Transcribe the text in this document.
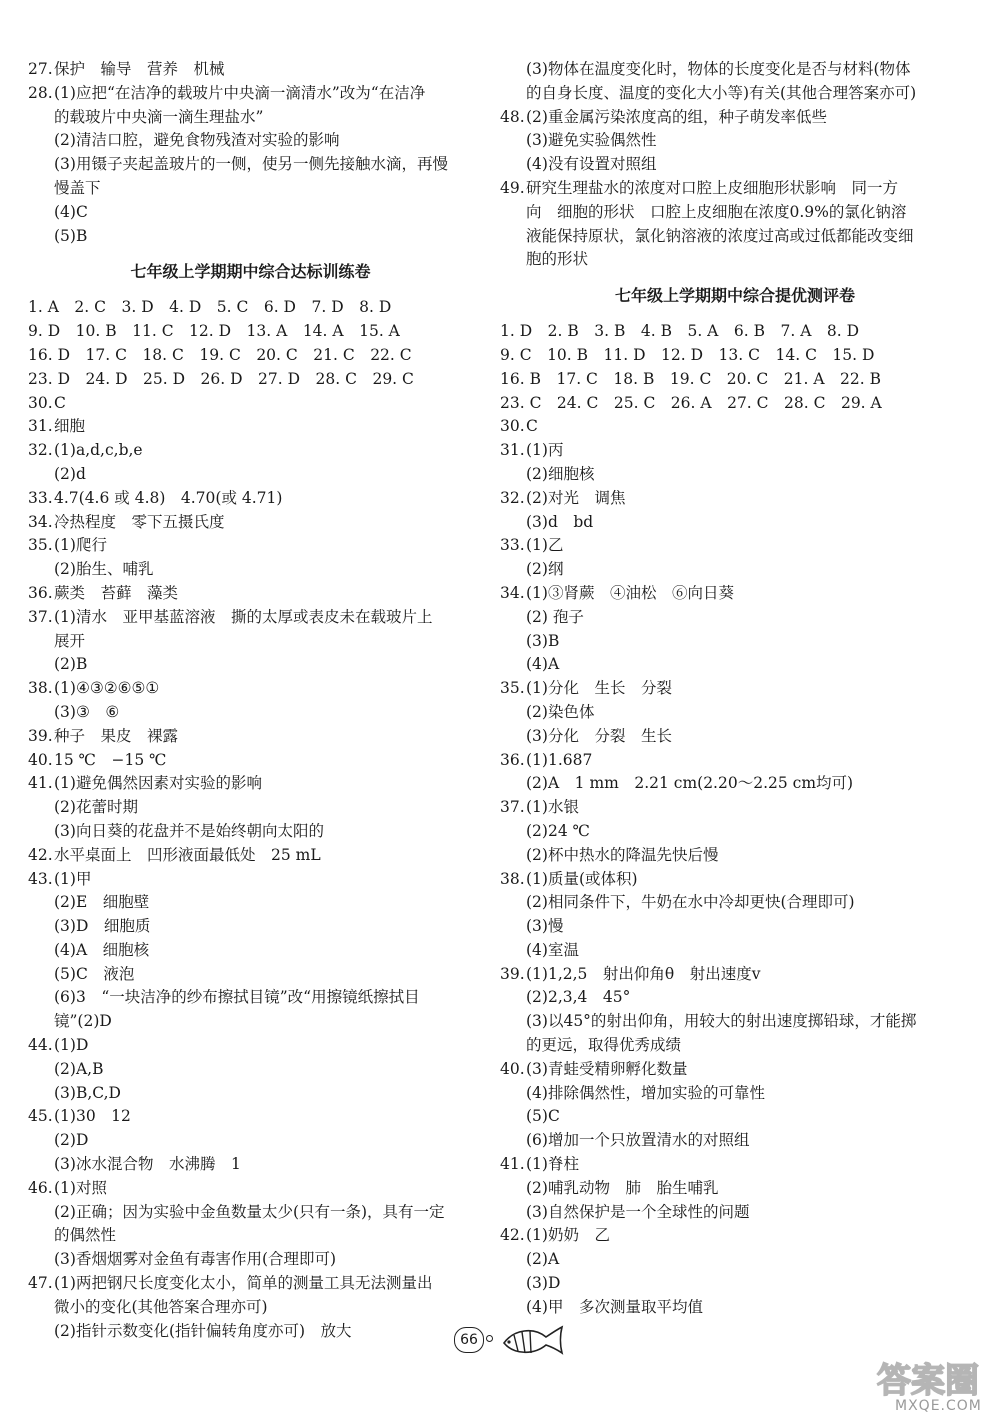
27.保护　输导　营养　机械
28.(1)应把“在洁净的载玻片中央滴一滴清水”改为“在洁净
的载玻片中央滴一滴生理盐水”
(2)清洁口腔，避免食物残渣对实验的影响
(3)用镊子夹起盖玻片的一侧，使另一侧先接触水滴，再慢
慢盖下
(4)C
(5)B
七年级上学期期中综合达标训练卷
1. A　2. C　3. D　4. D　5. C　6. D　7. D　8. D
9. D　10. B　11. C　12. D　13. A　14. A　15. A
16. D　17. C　18. C　19. C　20. C　21. C　22. C
23. D　24. D　25. D　26. D　27. D　28. C　29. C
30.C
31.细胞
32.(1)a,d,c,b,e
(2)d
33.4.7(4.6 或 4.8)　4.70(或 4.71)
34.冷热程度　零下五摄氏度
35.(1)爬行
(2)胎生、哺乳
36.蕨类　苔藓　藻类
37.(1)清水　亚甲基蓝溶液　撕的太厚或表皮未在载玻片上
展开
(2)B
38.(1)④③②⑥⑤①
(3)③　⑥
39.种子　果皮　裸露
40.15 ℃　−15 ℃
41.(1)避免偶然因素对实验的影响
(2)花蕾时期
(3)向日葵的花盘并不是始终朝向太阳的
42.水平桌面上　凹形液面最低处　25 mL
43.(1)甲
(2)E　细胞壁
(3)D　细胞质
(4)A　细胞核
(5)C　液泡
(6)3　“一块洁净的纱布擦拭目镜”改“用擦镜纸擦拭目
镜”(2)D
44.(1)D
(2)A,B
(3)B,C,D
45.(1)30　12
(2)D
(3)冰水混合物　水沸腾　1
46.(1)对照
(2)正确；因为实验中金鱼数量太少(只有一条)，具有一定
的偶然性
(3)香烟烟雾对金鱼有毒害作用(合理即可)
47.(1)两把钢尺长度变化太小，简单的测量工具无法测量出
微小的变化(其他答案合理亦可)
(2)指针示数变化(指针偏转角度亦可)　放大
(3)物体在温度变化时，物体的长度变化是否与材料(物体
的自身长度、温度的变化大小等)有关(其他合理答案亦可)
48.(2)重金属污染浓度高的组，种子萌发率低些
(3)避免实验偶然性
(4)没有设置对照组
49.研究生理盐水的浓度对口腔上皮细胞形状影响　同一方
向　细胞的形状　口腔上皮细胞在浓度0.9%的氯化钠溶
液能保持原状，氯化钠溶液的浓度过高或过低都能改变细
胞的形状
七年级上学期期中综合提优测评卷
1. D　2. B　3. B　4. B　5. A　6. B　7. A　8. D
9. C　10. B　11. D　12. D　13. C　14. C　15. D
16. B　17. C　18. B　19. C　20. C　21. A　22. B
23. C　24. C　25. C　26. A　27. C　28. C　29. A
30.C
31.(1)丙
(2)细胞核
32.(2)对光　调焦
(3)d　bd
33.(1)乙
(2)纲
34.(1)③肾蕨　④油松　⑥向日葵
(2) 孢子
(3)B
(4)A
35.(1)分化　生长　分裂
(2)染色体
(3)分化　分裂　生长
36.(1)1.687
(2)A　1 mm　2.21 cm(2.20～2.25 cm均可)
37.(1)水银
(2)24 ℃
(2)杯中热水的降温先快后慢
38.(1)质量(或体积)
(2)相同条件下，牛奶在水中冷却更快(合理即可)
(3)慢
(4)室温
39.(1)1,2,5　射出仰角θ　射出速度v
(2)2,3,4　45°
(3)以45°的射出仰角，用较大的射出速度掷铅球，才能掷
的更远，取得优秀成绩
40.(3)青蛙受精卵孵化数量
(4)排除偶然性，增加实验的可靠性
(5)C
(6)增加一个只放置清水的对照组
41.(1)脊柱
(2)哺乳动物　肺　胎生哺乳
(3)自然保护是一个全球性的问题
42.(1)奶奶　乙
(2)A
(3)D
(4)甲　多次测量取平均值
66
答案圈
MXQE.COM
